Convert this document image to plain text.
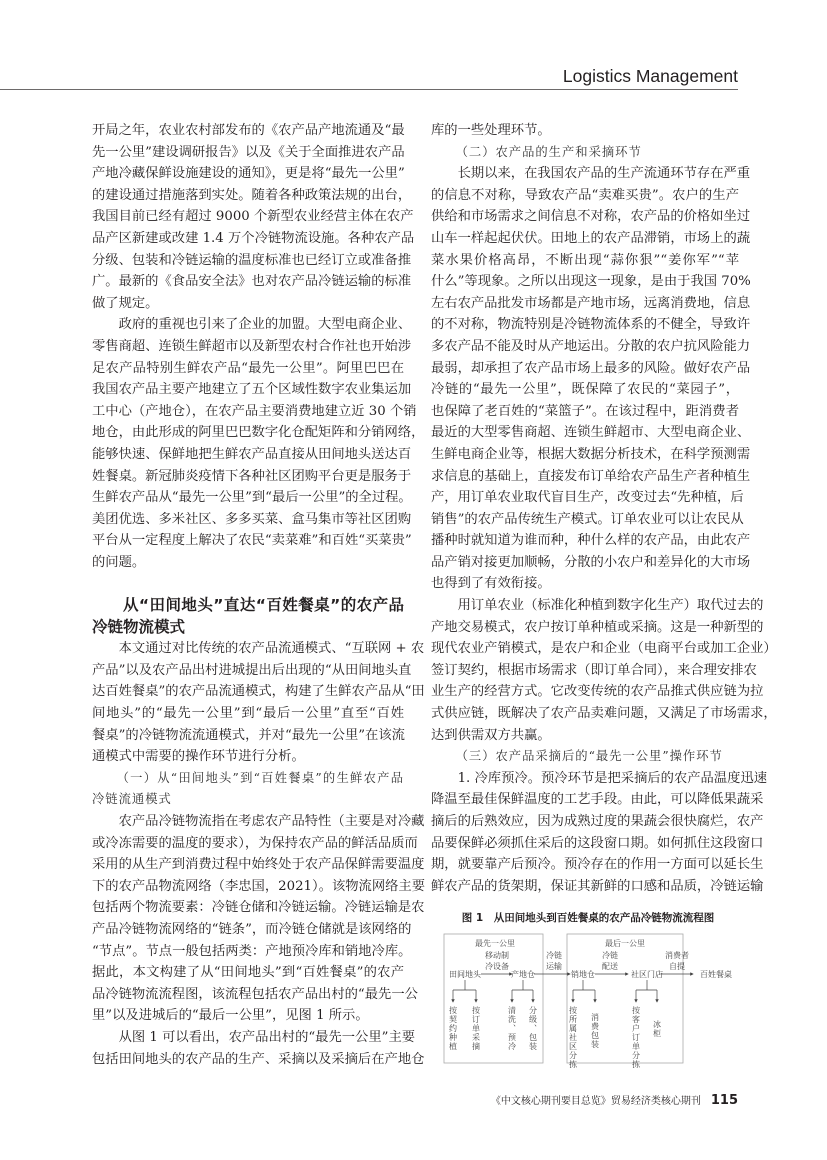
Logistics Management
开局之年，农业农村部发布的《农产品产地流通及“最
先一公里”建设调研报告》以及《关于全面推进农产品
产地冷藏保鲜设施建设的通知》，更是将“最先一公里”
的建设通过措施落到实处。随着各种政策法规的出台，
我国目前已经有超过 9000 个新型农业经营主体在农产
品产区新建或改建 1.4 万个冷链物流设施。各种农产品
分级、包装和冷链运输的温度标准也已经订立或准备推
广。最新的《食品安全法》也对农产品冷链运输的标准
做了规定。
政府的重视也引来了企业的加盟。大型电商企业、
零售商超、连锁生鲜超市以及新型农村合作社也开始涉
足农产品特别生鲜农产品“最先一公里”。阿里巴巴在
我国农产品主要产地建立了五个区域性数字农业集运加
工中心（产地仓），在农产品主要消费地建立近 30 个销
地仓，由此形成的阿里巴巴数字化仓配矩阵和分销网络，
能够快速、保鲜地把生鲜农产品直接从田间地头送达百
姓餐桌。新冠肺炎疫情下各种社区团购平台更是服务于
生鲜农产品从“最先一公里”到“最后一公里”的全过程。
美团优选、多米社区、多多买菜、盒马集市等社区团购
平台从一定程度上解决了农民“卖菜难”和百姓“买菜贵”
的问题。
从“田间地头”直达“百姓餐桌”的农产品
冷链物流模式
本文通过对比传统的农产品流通模式、“互联网 + 农
产品”以及农产品出村进城提出后出现的“从田间地头直
达百姓餐桌”的农产品流通模式，构建了生鲜农产品从“田
间地头”的“最先一公里”到“最后一公里”直至“百姓
餐桌”的冷链物流流通模式，并对“最先一公里”在该流
通模式中需要的操作环节进行分析。
（一）从“田间地头”到“百姓餐桌”的生鲜农产品
冷链流通模式
农产品冷链物流指在考虑农产品特性（主要是对冷藏
或冷冻需要的温度的要求），为保持农产品的鲜活品质而
采用的从生产到消费过程中始终处于农产品保鲜需要温度
下的农产品物流网络（李忠国，2021）。该物流网络主要
包括两个物流要素：冷链仓储和冷链运输。冷链运输是农
产品冷链物流网络的“链条”，而冷链仓储就是该网络的
“节点”。节点一般包括两类：产地预冷库和销地冷库。
据此，本文构建了从“田间地头”到“百姓餐桌”的农产
品冷链物流流程图，该流程包括农产品出村的“最先一公
里”以及进城后的“最后一公里”，见图 1 所示。
从图 1 可以看出，农产品出村的“最先一公里”主要
包括田间地头的农产品的生产、采摘以及采摘后在产地仓
库的一些处理环节。
（二）农产品的生产和采摘环节
长期以来，在我国农产品的生产流通环节存在严重
的信息不对称，导致农产品“卖难买贵”。农户的生产
供给和市场需求之间信息不对称，农产品的价格如坐过
山车一样起起伏伏。田地上的农产品滞销，市场上的蔬
菜水果价格高昂，不断出现“蒜你狠”“姜你军”“苹
什么”等现象。之所以出现这一现象，是由于我国 70%
左右农产品批发市场都是产地市场，远离消费地，信息
的不对称，物流特别是冷链物流体系的不健全，导致许
多农产品不能及时从产地运出。分散的农户抗风险能力
最弱，却承担了农产品市场上最多的风险。做好农产品
冷链的“最先一公里”，既保障了农民的“菜园子”，
也保障了老百姓的“菜篮子”。在该过程中，距消费者
最近的大型零售商超、连锁生鲜超市、大型电商企业、
生鲜电商企业等，根据大数据分析技术，在科学预测需
求信息的基础上，直接发布订单给农产品生产者种植生
产，用订单农业取代盲目生产，改变过去“先种植，后
销售”的农产品传统生产模式。订单农业可以让农民从
播种时就知道为谁而种，种什么样的农产品，由此农产
品产销对接更加顺畅，分散的小农户和差异化的大市场
也得到了有效衔接。
用订单农业（标准化种植到数字化生产）取代过去的
产地交易模式，农户按订单种植或采摘。这是一种新型的
现代农业产销模式，是农户和企业（电商平台或加工企业）
签订契约，根据市场需求（即订单合同），来合理安排农
业生产的经营方式。它改变传统的农产品推式供应链为拉
式供应链，既解决了农产品卖难问题，又满足了市场需求，
达到供需双方共赢。
（三）农产品采摘后的“最先一公里”操作环节
1. 冷库预冷。预冷环节是把采摘后的农产品温度迅速
降温至最佳保鲜温度的工艺手段。由此，可以降低果蔬采
摘后的后熟效应，因为成熟过度的果蔬会很快腐烂，农产
品要保鲜必须抓住采后的这段窗口期。如何抓住这段窗口
期，就要靠产后预冷。预冷存在的作用一方面可以延长生
鲜农产品的货架期，保证其新鲜的口感和品质，冷链运输
图 1　从田间地头到百姓餐桌的农产品冷链物流流程图
最先一公里	最后一公里
田间地头	产地仓	销地仓	社区门店	百姓餐桌
移动制
冷设备
冷链
运输
冷链
配送
消费者
自提
按契约种植 按订单采摘	清洗、预冷 分级、包装	按所属社区分拣 消费包装	按客户订单分拣 冰柜
《中文核心期刊要目总览》贸易经济类核心期刊 115
